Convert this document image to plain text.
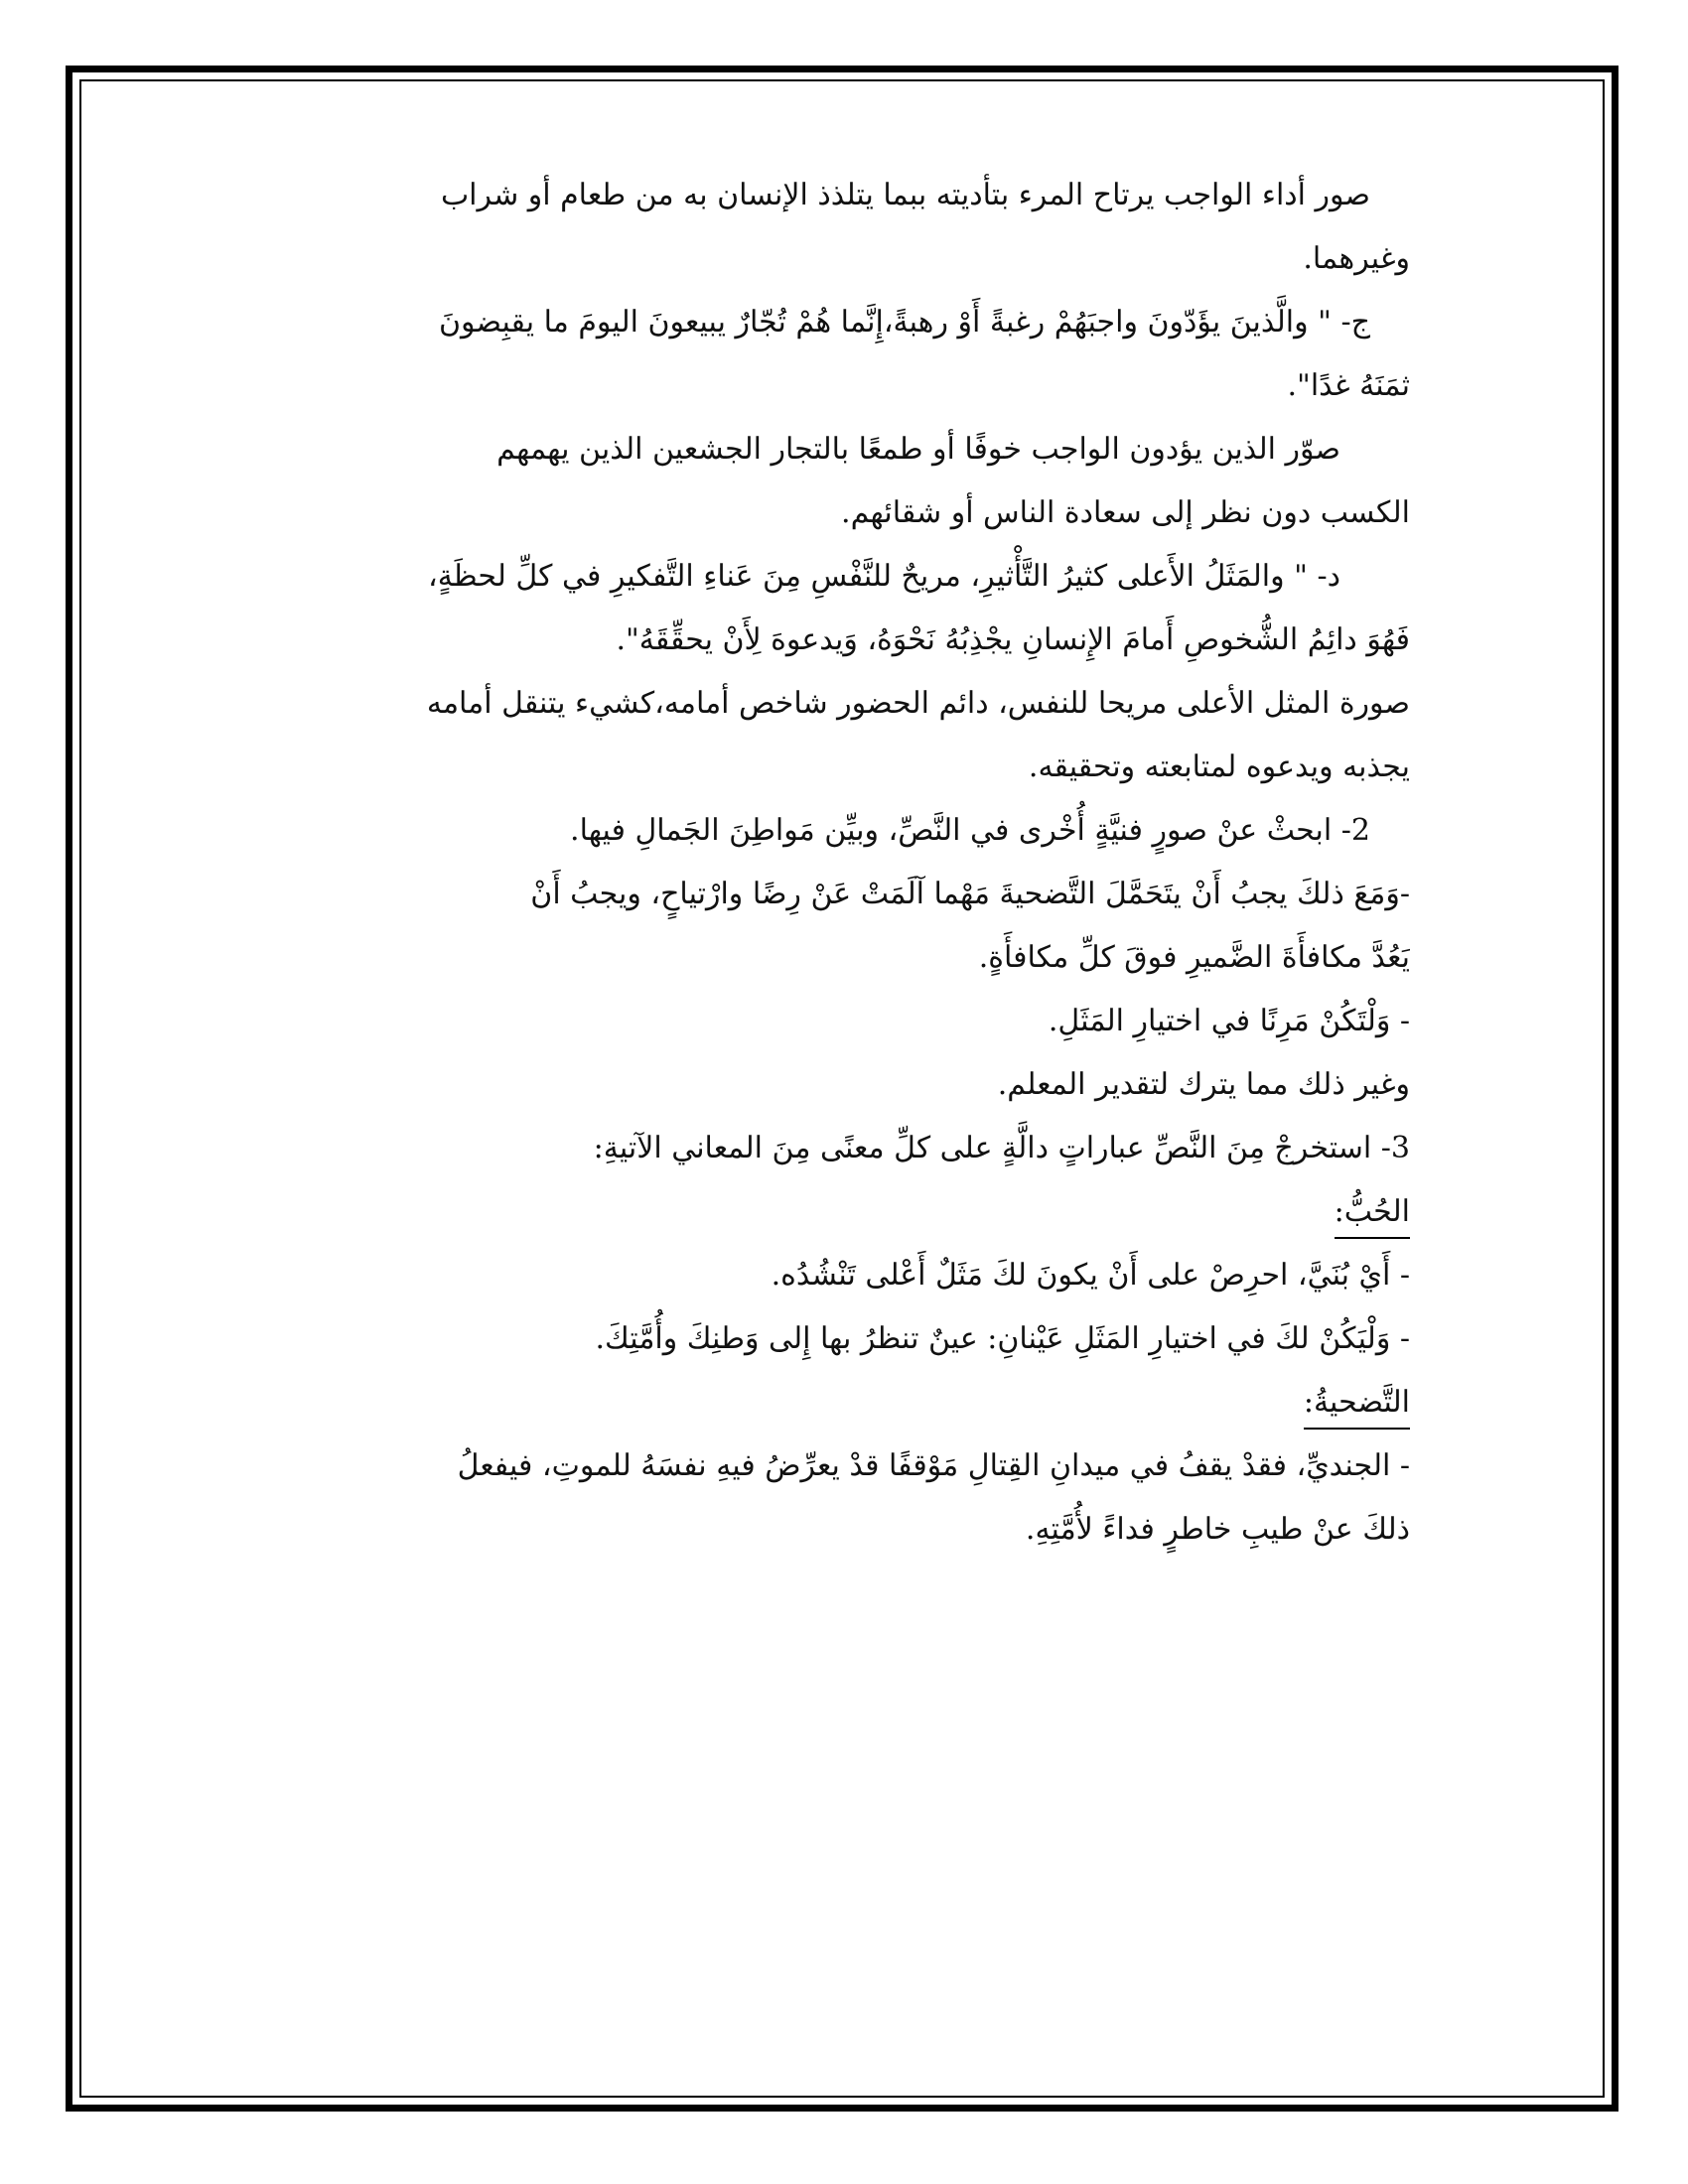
صور أداء الواجب يرتاح المرء بتأديته ببما يتلذذ الإنسان به من طعام أو شراب
وغيرهما.
ج- " والَّذينَ يؤَدّونَ واجبَهُمْ رغبةً أَوْ رهبةً،إِنَّما هُمْ تُجّارٌ يبيعونَ اليومَ ما يقبِضونَ
ثمَنَهُ غدًا".
صوّر الذين يؤدون الواجب خوفًا أو طمعًا بالتجار الجشعين الذين يهمهم
الكسب دون نظر إلى سعادة الناس أو شقائهم.
د- " والمَثَلُ الأَعلى كثيرُ التَّأْثيرِ، مريحٌ للنَّفْسِ مِنَ عَناءِ التَّفكيرِ في كلِّ لحظَةٍ،
فَهُوَ دائِمُ الشُّخوصِ أَمامَ الإِنسانِ يجْذِبُهُ نَحْوَهُ، وَيدعوهَ لِأَنْ يحقِّقَهُ".
صورة المثل الأعلى مريحا للنفس، دائم الحضور شاخص أمامه،كشيء يتنقل أمامه
يجذبه ويدعوه لمتابعته وتحقيقه.
2- ابحثْ عنْ صورٍ فنيَّةٍ أُخْرى في النَّصِّ، وبيِّن مَواطِنَ الجَمالِ فيها.
-وَمَعَ ذلكَ يجبُ أَنْ يتَحَمَّلَ التَّضحيةَ مَهْما آلَمَتْ عَنْ رِضًا وارْتياحٍ، ويجبُ أَنْ
يَعُدَّ مكافأَةَ الضَّميرِ فوقَ كلِّ مكافأَةٍ.
- وَلْتَكُنْ مَرِنًا في اختيارِ المَثَلِ.
وغير ذلك مما يترك لتقدير المعلم.
3- استخرجْ مِنَ النَّصِّ عباراتٍ دالَّةٍ على كلِّ معنًى مِنَ المعاني الآتيةِ:
الحُبُّ:
- أَيْ بُنَيَّ، احرِصْ على أَنْ يكونَ لكَ مَثَلٌ أَعْلى تَنْشُدُه.
- وَلْيَكُنْ لكَ في اختيارِ المَثَلِ عَيْنانِ: عينٌ تنظرُ بها إِلى وَطنِكَ وأُمَّتِكَ.
التَّضحيةُ:
- الجنديِّ، فقدْ يقفُ في ميدانِ القِتالِ مَوْقفًا قدْ يعرِّضُ فيهِ نفسَهُ للموتِ، فيفعلُ
ذلكَ عنْ طيبِ خاطرٍ فداءً لأُمَّتِهِ.
